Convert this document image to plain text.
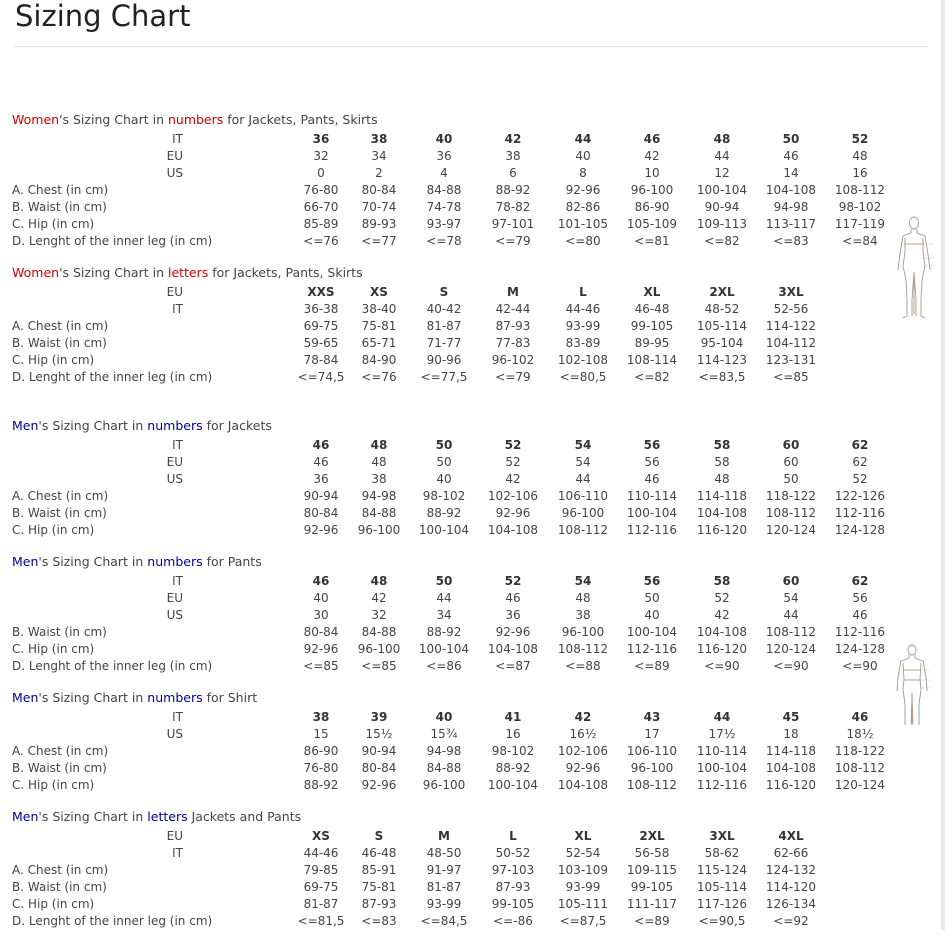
Sizing Chart
Women's Sizing Chart in numbers for Jackets, Pants, Skirts
IT	36	38	40	42	44	46	48	50	52
EU	32	34	36	38	40	42	44	46	48
US	0	2	4	6	8	10	12	14	16
A. Chest (in cm)	76-80	80-84	84-88	88-92	92-96	96-100	100-104	104-108	108-112
B. Waist (in cm)	66-70	70-74	74-78	78-82	82-86	86-90	90-94	94-98	98-102
C. Hip (in cm)	85-89	89-93	93-97	97-101	101-105	105-109	109-113	113-117	117-119
D. Lenght of the inner leg (in cm)	<=76	<=77	<=78	<=79	<=80	<=81	<=82	<=83	<=84
Women's Sizing Chart in letters for Jackets, Pants, Skirts
EU	XXS	XS	S	M	L	XL	2XL	3XL
IT	36-38	38-40	40-42	42-44	44-46	46-48	48-52	52-56
A. Chest (in cm)	69-75	75-81	81-87	87-93	93-99	99-105	105-114	114-122
B. Waist (in cm)	59-65	65-71	71-77	77-83	83-89	89-95	95-104	104-112
C. Hip (in cm)	78-84	84-90	90-96	96-102	102-108	108-114	114-123	123-131
D. Lenght of the inner leg (in cm)	<=74,5	<=76	<=77,5	<=79	<=80,5	<=82	<=83,5	<=85
Men's Sizing Chart in numbers for Jackets
IT	46	48	50	52	54	56	58	60	62
EU	46	48	50	52	54	56	58	60	62
US	36	38	40	42	44	46	48	50	52
A. Chest (in cm)	90-94	94-98	98-102	102-106	106-110	110-114	114-118	118-122	122-126
B. Waist (in cm)	80-84	84-88	88-92	92-96	96-100	100-104	104-108	108-112	112-116
C. Hip (in cm)	92-96	96-100	100-104	104-108	108-112	112-116	116-120	120-124	124-128
Men's Sizing Chart in numbers for Pants
IT	46	48	50	52	54	56	58	60	62
EU	40	42	44	46	48	50	52	54	56
US	30	32	34	36	38	40	42	44	46
B. Waist (in cm)	80-84	84-88	88-92	92-96	96-100	100-104	104-108	108-112	112-116
C. Hip (in cm)	92-96	96-100	100-104	104-108	108-112	112-116	116-120	120-124	124-128
D. Lenght of the inner leg (in cm)	<=85	<=85	<=86	<=87	<=88	<=89	<=90	<=90	<=90
Men's Sizing Chart in numbers for Shirt
IT	38	39	40	41	42	43	44	45	46
US	15	15½	15¾	16	16½	17	17½	18	18½
A. Chest (in cm)	86-90	90-94	94-98	98-102	102-106	106-110	110-114	114-118	118-122
B. Waist (in cm)	76-80	80-84	84-88	88-92	92-96	96-100	100-104	104-108	108-112
C. Hip (in cm)	88-92	92-96	96-100	100-104	104-108	108-112	112-116	116-120	120-124
Men's Sizing Chart in letters Jackets and Pants
EU	XS	S	M	L	XL	2XL	3XL	4XL
IT	44-46	46-48	48-50	50-52	52-54	56-58	58-62	62-66
A. Chest (in cm)	79-85	85-91	91-97	97-103	103-109	109-115	115-124	124-132
B. Waist (in cm)	69-75	75-81	81-87	87-93	93-99	99-105	105-114	114-120
C. Hip (in cm)	81-87	87-93	93-99	99-105	105-111	111-117	117-126	126-134
D. Lenght of the inner leg (in cm)	<=81,5	<=83	<=84,5	<=-86	<=87,5	<=89	<=90,5	<=92
